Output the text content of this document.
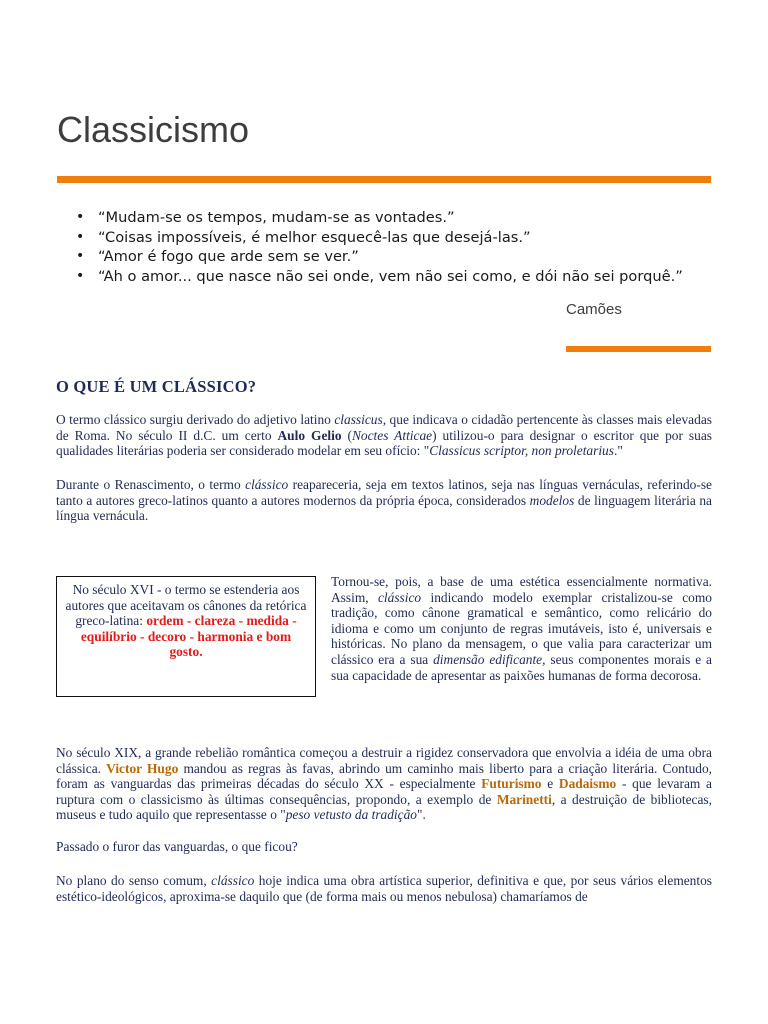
Classicismo
• “Mudam-se os tempos, mudam-se as vontades.”
• “Coisas impossíveis, é melhor esquecê-las que desejá-las.”
• “Amor é fogo que arde sem se ver.”
• “Ah o amor... que nasce não sei onde, vem não sei como, e dói não sei porquê.”
Camões
O QUE É UM CLÁSSICO?

O termo clássico surgiu derivado do adjetivo latino classicus, que indicava o cidadão pertencente às classes mais elevadas de Roma. No século II d.C. um certo Aulo Gelio (Noctes Atticae) utilizou-o para designar o escritor que por suas qualidades literárias poderia ser considerado modelar em seu ofício: "Classicus scriptor, non proletarius."

Durante o Renascimento, o termo clássico reapareceria, seja em textos latinos, seja nas línguas vernáculas, referindo-se tanto a autores greco-latinos quanto a autores modernos da própria época, considerados modelos de linguagem literária na língua vernácula.

No século XVI - o termo se estenderia aos autores que aceitavam os cânones da retórica greco-latina: ordem - clareza - medida - equilíbrio - decoro - harmonia e bom gosto.

Tornou-se, pois, a base de uma estética essencialmente normativa. Assim, clássico indicando modelo exemplar cristalizou-se como tradição, como cânone gramatical e semântico, como relicário do idioma e como um conjunto de regras imutáveis, isto é, universais e históricas. No plano da mensagem, o que valia para caracterizar um clássico era a sua dimensão edificante, seus componentes morais e a sua capacidade de apresentar as paixões humanas de forma decorosa.

No século XIX, a grande rebelião romântica começou a destruir a rigidez conservadora que envolvia a idéia de uma obra clássica. Victor Hugo mandou as regras às favas, abrindo um caminho mais liberto para a criação literária. Contudo, foram as vanguardas das primeiras décadas do século XX - especialmente Futurismo e Dadaismo - que levaram a ruptura com o classicismo às últimas consequências, propondo, a exemplo de Marinetti, a destruição de bibliotecas, museus e tudo aquilo que representasse o "peso vetusto da tradição".

Passado o furor das vanguardas, o que ficou?

No plano do senso comum, clássico hoje indica uma obra artística superior, definitiva e que, por seus vários elementos estético-ideológicos, aproxima-se daquilo que (de forma mais ou menos nebulosa) chamaríamos de
